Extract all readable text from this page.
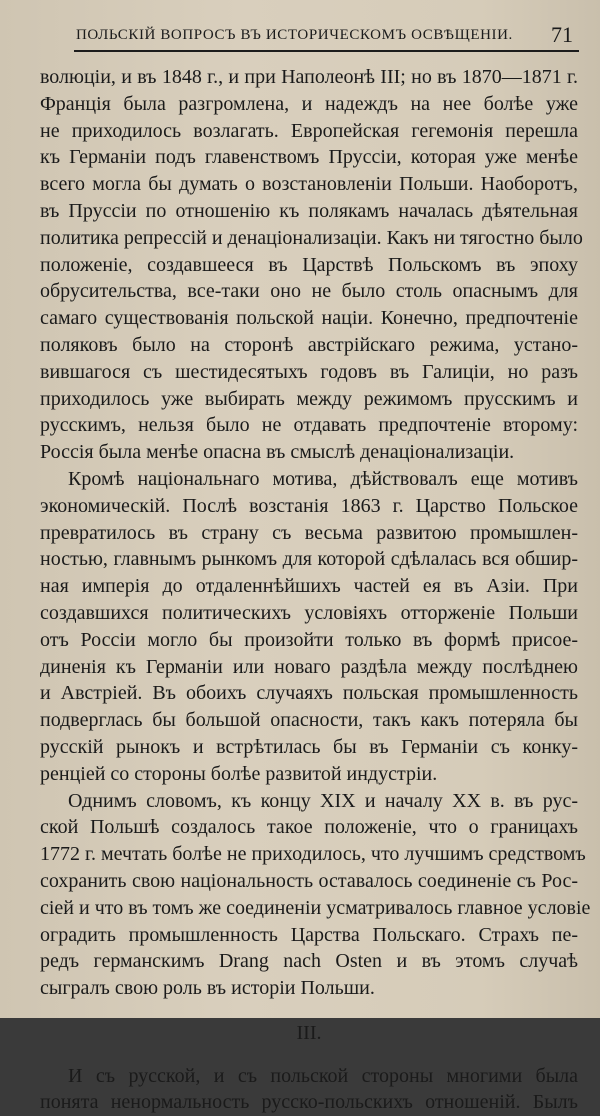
ПОЛЬСКІЙ ВОПРОСЪ ВЪ ИСТОРИЧЕСКОМЪ ОСВѢЩЕНІИ. 71
волюціи, и въ 1848 г., и при Наполеонѣ III; но въ 1870—1871 г.
Франція была разгромлена, и надеждъ на нее болѣе уже
не приходилось возлагать. Европейская гегемонія перешла
къ Германіи подъ главенствомъ Пруссіи, которая уже менѣе
всего могла бы думать о возстановленіи Польши. Наоборотъ,
въ Пруссіи по отношенію къ полякамъ началась дѣятельная
политика репрессій и денаціонализаціи. Какъ ни тягостно было
положеніе, создавшееся въ Царствѣ Польскомъ въ эпоху
обрусительства, все-таки оно не было столь опаснымъ для
самаго существованія польской націи. Конечно, предпочтеніе
поляковъ было на сторонѣ австрійскаго режима, устано-
вившагося съ шестидесятыхъ годовъ въ Галиціи, но разъ
приходилось уже выбирать между режимомъ прусскимъ и
русскимъ, нельзя было не отдавать предпочтеніе второму:
Россія была менѣе опасна въ смыслѣ денаціонализаціи.
Кромѣ національнаго мотива, дѣйствовалъ еще мотивъ
экономическій. Послѣ возстанія 1863 г. Царство Польское
превратилось въ страну съ весьма развитою промышлен-
ностью, главнымъ рынкомъ для которой сдѣлалась вся обшир-
ная имперія до отдаленнѣйшихъ частей ея въ Азіи. При
создавшихся политическихъ условіяхъ отторженіе Польши
отъ Россіи могло бы произойти только въ формѣ присое-
диненія къ Германіи или новаго раздѣла между послѣднею
и Австріей. Въ обоихъ случаяхъ польская промышленность
подверглась бы большой опасности, такъ какъ потеряла бы
русскій рынокъ и встрѣтилась бы въ Германіи съ конку-
ренціей со стороны болѣе развитой индустріи.
Однимъ словомъ, къ концу XIX и началу XX в. въ рус-
ской Польшѣ создалось такое положеніе, что о границахъ
1772 г. мечтать болѣе не приходилось, что лучшимъ средствомъ
сохранить свою національность оставалось соединеніе съ Рос-
сіей и что въ томъ же соединеніи усматривалось главное условіе
оградить промышленность Царства Польскаго. Страхъ пе-
редъ германскимъ Drang nach Osten и въ этомъ случаѣ
сыгралъ свою роль въ исторіи Польши.
III.
И съ русской, и съ польской стороны многими была
понята ненормальность русско-польскихъ отношеній. Былъ
